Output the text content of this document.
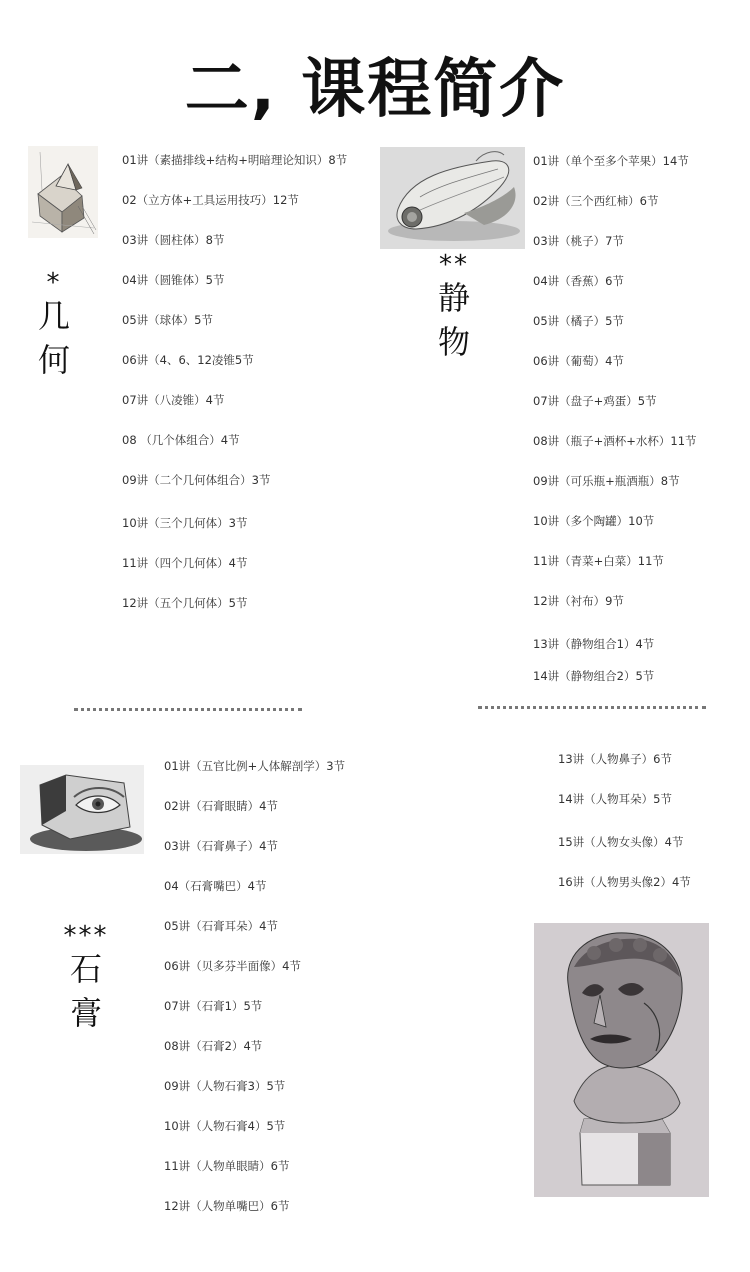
二, 课程简介
*
几
何
01讲（素描排线+结构+明暗理论知识）8节
02（立方体+工具运用技巧）12节
03讲（圆柱体）8节
04讲（圆锥体）5节
05讲（球体）5节
06讲（4、6、12凌锥5节
07讲（八凌锥）4节
08 （几个体组合）4节
09讲（二个几何体组合）3节
10讲（三个几何体）3节
11讲（四个几何体）4节
12讲（五个几何体）5节
**
静
物
01讲（单个至多个苹果）14节
02讲（三个西红柿）6节
03讲（桃子）7节
04讲（香蕉）6节
05讲（橘子）5节
06讲（葡萄）4节
07讲（盘子+鸡蛋）5节
08讲（瓶子+酒杯+水杯）11节
09讲（可乐瓶+瓶酒瓶）8节
10讲（多个陶罐）10节
11讲（青菜+白菜）11节
12讲（衬布）9节
13讲（静物组合1）4节
14讲（静物组合2）5节
***
石
膏
01讲（五官比例+人体解剖学）3节
02讲（石膏眼睛）4节
03讲（石膏鼻子）4节
04（石膏嘴巴）4节
05讲（石膏耳朵）4节
06讲（贝多芬半面像）4节
07讲（石膏1）5节
08讲（石膏2）4节
09讲（人物石膏3）5节
10讲（人物石膏4）5节
11讲（人物单眼睛）6节
12讲（人物单嘴巴）6节
13讲（人物鼻子）6节
14讲（人物耳朵）5节
15讲（人物女头像）4节
16讲（人物男头像2）4节
